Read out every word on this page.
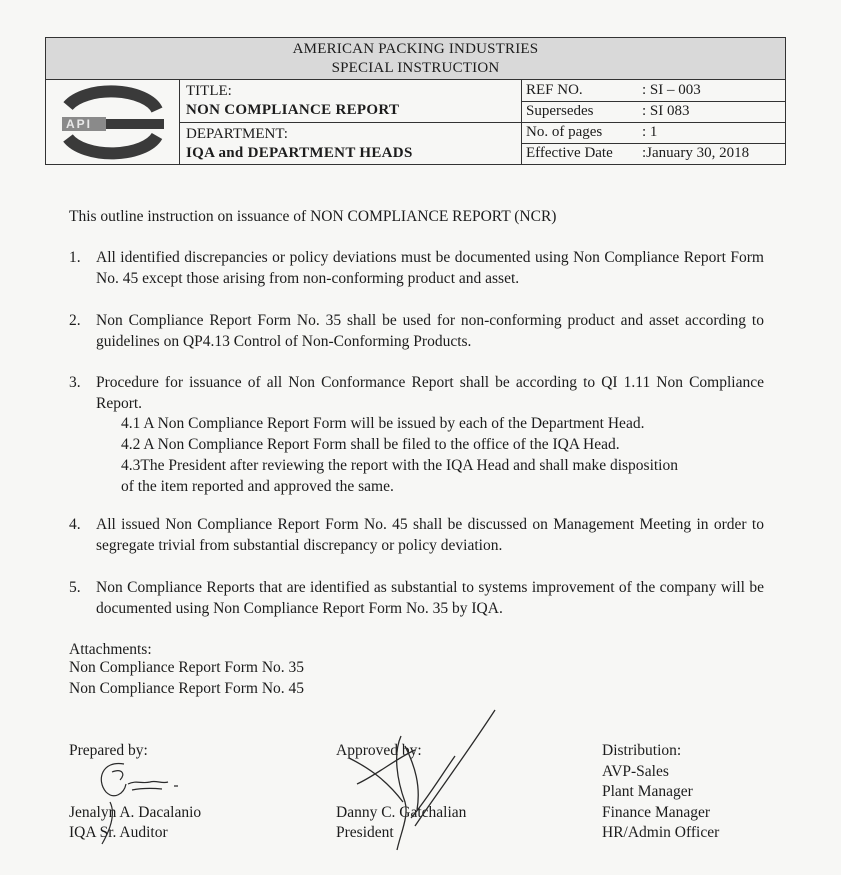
AMERICAN PACKING INDUSTRIES
SPECIAL INSTRUCTION
API
TITLE:
NON COMPLIANCE REPORT
DEPARTMENT:
IQA and DEPARTMENT HEADS
REF NO.	: SI – 003
Supersedes	: SI 083
No. of pages	: 1
Effective Date :January 30, 2018
This outline instruction on issuance of NON COMPLIANCE REPORT (NCR)
1. All identified discrepancies or policy deviations must be documented using Non Compliance Report Form No. 45 except those arising from non-conforming product and asset.
2. Non Compliance Report Form No. 35 shall be used for non-conforming product and asset according to guidelines on QP4.13 Control of Non-Conforming Products.
3. Procedure for issuance of all Non Conformance Report shall be according to QI 1.11 Non Compliance Report.
4.1 A Non Compliance Report Form will be issued by each of the Department Head.
4.2 A Non Compliance Report Form shall be filed to the office of the IQA Head.
4.3The President after reviewing the report with the IQA Head and shall make disposition
of the item reported and approved the same.
4. All issued Non Compliance Report Form No. 45 shall be discussed on Management Meeting in order to segregate trivial from substantial discrepancy or policy deviation.
5. Non Compliance Reports that are identified as substantial to systems improvement of the company will be documented using Non Compliance Report Form No. 35 by IQA.
Attachments:
Non Compliance Report Form No. 35
Non Compliance Report Form No. 45
Prepared by:
Jenalyn A. Dacalanio
IQA Sr. Auditor
Approved by:
Danny C. Gatchalian
President
Distribution:
AVP-Sales
Plant Manager
Finance Manager
HR/Admin Officer
